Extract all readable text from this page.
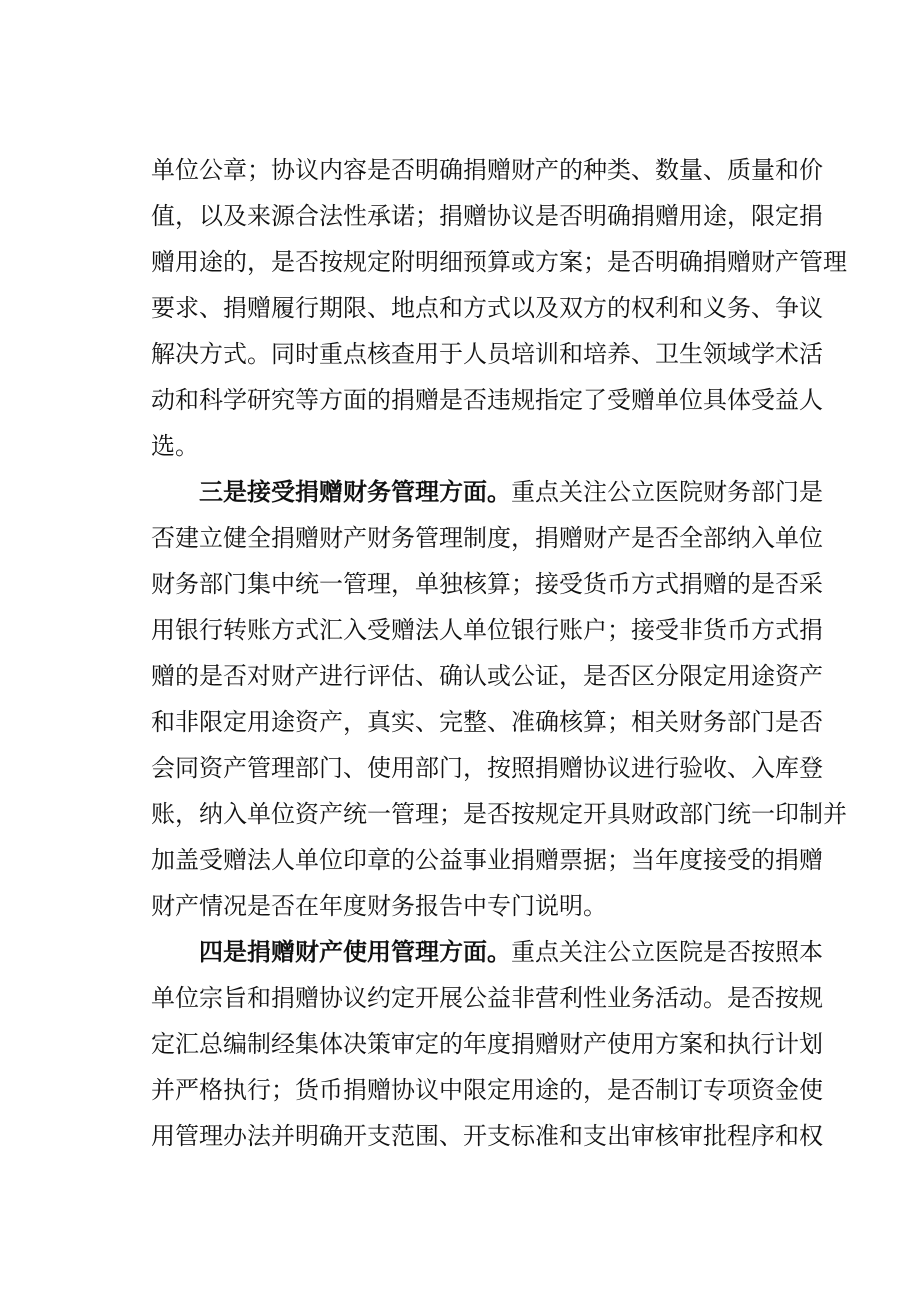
单位公章；协议内容是否明确捐赠财产的种类、数量、质量和价
值，以及来源合法性承诺；捐赠协议是否明确捐赠用途，限定捐
赠用途的，是否按规定附明细预算或方案；是否明确捐赠财产管理
要求、捐赠履行期限、地点和方式以及双方的权利和义务、争议
解决方式。同时重点核查用于人员培训和培养、卫生领域学术活
动和科学研究等方面的捐赠是否违规指定了受赠单位具体受益人
选。
三是接受捐赠财务管理方面。重点关注公立医院财务部门是
否建立健全捐赠财产财务管理制度，捐赠财产是否全部纳入单位
财务部门集中统一管理，单独核算；接受货币方式捐赠的是否采
用银行转账方式汇入受赠法人单位银行账户；接受非货币方式捐
赠的是否对财产进行评估、确认或公证，是否区分限定用途资产
和非限定用途资产，真实、完整、准确核算；相关财务部门是否
会同资产管理部门、使用部门，按照捐赠协议进行验收、入库登
账，纳入单位资产统一管理；是否按规定开具财政部门统一印制并
加盖受赠法人单位印章的公益事业捐赠票据；当年度接受的捐赠
财产情况是否在年度财务报告中专门说明。
四是捐赠财产使用管理方面。重点关注公立医院是否按照本
单位宗旨和捐赠协议约定开展公益非营利性业务活动。是否按规
定汇总编制经集体决策审定的年度捐赠财产使用方案和执行计划
并严格执行；货币捐赠协议中限定用途的，是否制订专项资金使
用管理办法并明确开支范围、开支标准和支出审核审批程序和权
